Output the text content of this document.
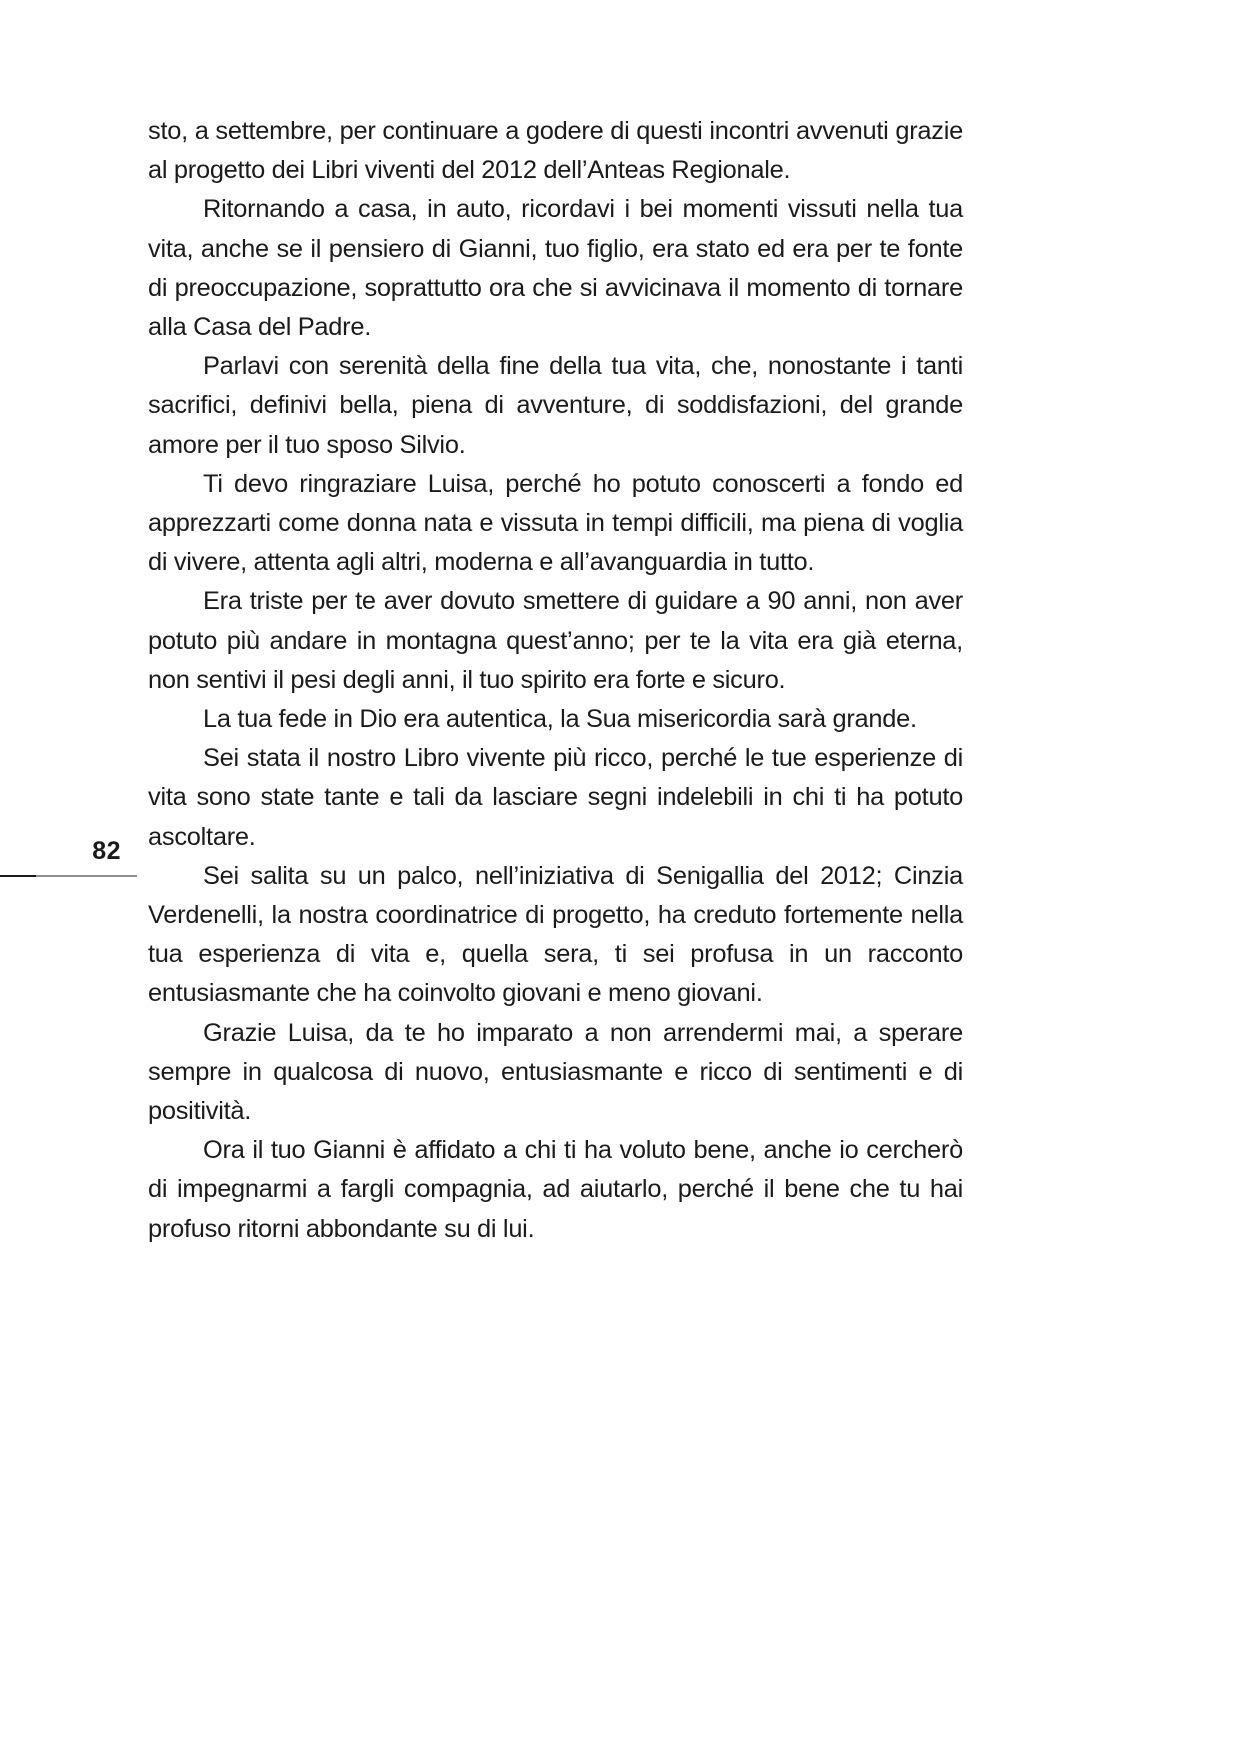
82

sto, a settembre, per continuare a godere di questi incontri avvenuti grazie al progetto dei Libri viventi del 2012 dell’Anteas Regionale.

Ritornando a casa, in auto, ricordavi i bei momenti vissuti nella tua vita, anche se il pensiero di Gianni, tuo figlio, era stato ed era per te fonte di preoccupazione, soprattutto ora che si avvicinava il momento di tornare alla Casa del Padre.

Parlavi con serenità della fine della tua vita, che, nonostante i tanti sacrifici, definivi bella, piena di avventure, di soddisfazioni, del grande amore per il tuo sposo Silvio.

Ti devo ringraziare Luisa, perché ho potuto conoscerti a fondo ed apprezzarti come donna nata e vissuta in tempi difficili, ma piena di voglia di vivere, attenta agli altri, moderna e all’avanguardia in tutto.

Era triste per te aver dovuto smettere di guidare a 90 anni, non aver potuto più andare in montagna quest’anno; per te la vita era già eterna, non sentivi il pesi degli anni, il tuo spirito era forte e sicuro.

La tua fede in Dio era autentica, la Sua misericordia sarà grande.

Sei stata il nostro Libro vivente più ricco, perché le tue esperienze di vita sono state tante e tali da lasciare segni indelebili in chi ti ha potuto ascoltare.

Sei salita su un palco, nell’iniziativa di Senigallia del 2012; Cinzia Verdenelli, la nostra coordinatrice di progetto, ha creduto fortemente nella tua esperienza di vita e, quella sera, ti sei profusa in un racconto entusiasmante che ha coinvolto giovani e meno giovani.

Grazie Luisa, da te ho imparato a non arrendermi mai, a sperare sempre in qualcosa di nuovo, entusiasmante e ricco di sentimenti e di positività.

Ora il tuo Gianni è affidato a chi ti ha voluto bene, anche io cercherò di impegnarmi a fargli compagnia, ad aiutarlo, perché il bene che tu hai profuso ritorni abbondante su di lui.
